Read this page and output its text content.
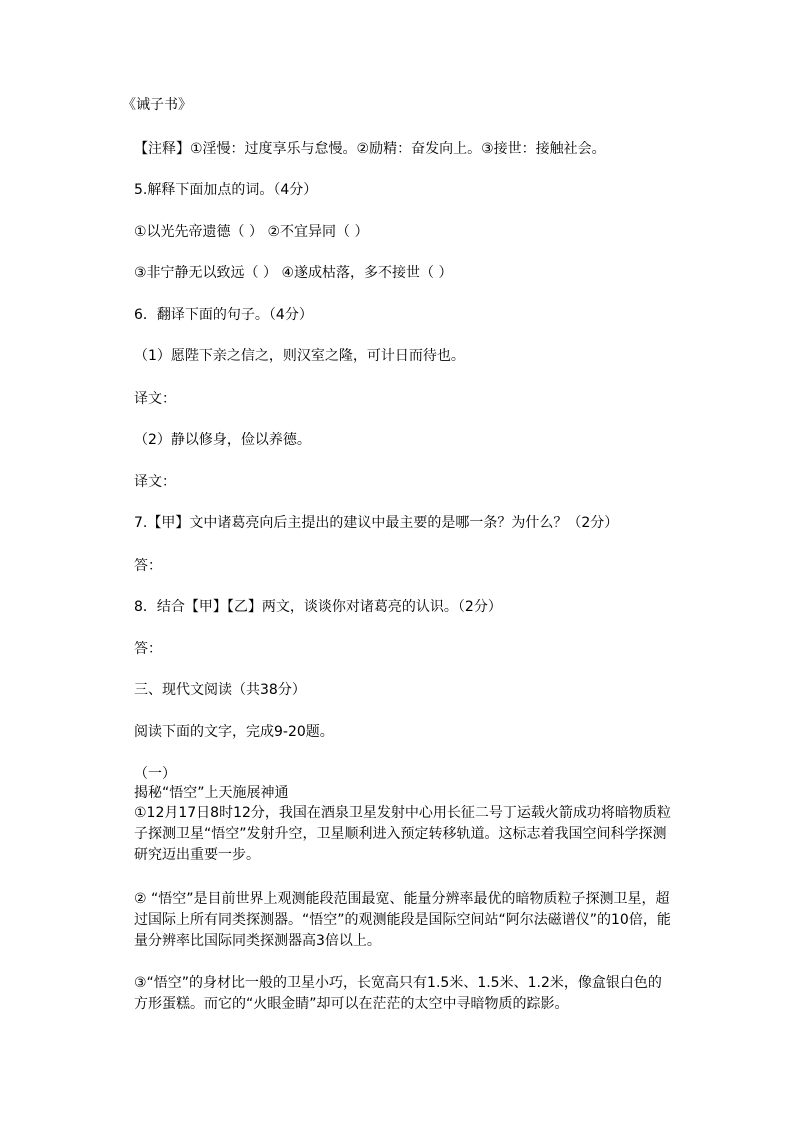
《诫子书》
【注释】①淫慢：过度享乐与怠慢。②励精：奋发向上。③接世：接触社会。
5.解释下面加点的词。（4分）
①以光先帝遗德（ ） ②不宜异同（ ）
③非宁静无以致远（ ） ④遂成枯落，多不接世（ ）
6．翻译下面的句子。（4分）
（1）愿陛下亲之信之，则汉室之隆，可计日而待也。
译文：
（2）静以修身，俭以养德。
译文：
7.【甲】文中诸葛亮向后主提出的建议中最主要的是哪一条？为什么？（2分）
答：
8．结合【甲】【乙】两文，谈谈你对诸葛亮的认识。（2分）
答：
三、现代文阅读（共38分）
阅读下面的文字，完成9-20题。
（一）
揭秘“悟空”上天施展神通
①12月17日8时12分，我国在酒泉卫星发射中心用长征二号丁运载火箭成功将暗物质粒子探测卫星“悟空”发射升空，卫星顺利进入预定转移轨道。这标志着我国空间科学探测研究迈出重要一步。
② “悟空”是目前世界上观测能段范围最宽、能量分辨率最优的暗物质粒子探测卫星，超过国际上所有同类探测器。“悟空”的观测能段是国际空间站“阿尔法磁谱仪”的10倍，能量分辨率比国际同类探测器高3倍以上。
③“悟空”的身材比一般的卫星小巧，长宽高只有1.5米、1.5米、1.2米，像盒银白色的方形蛋糕。而它的“火眼金睛”却可以在茫茫的太空中寻暗物质的踪影。
